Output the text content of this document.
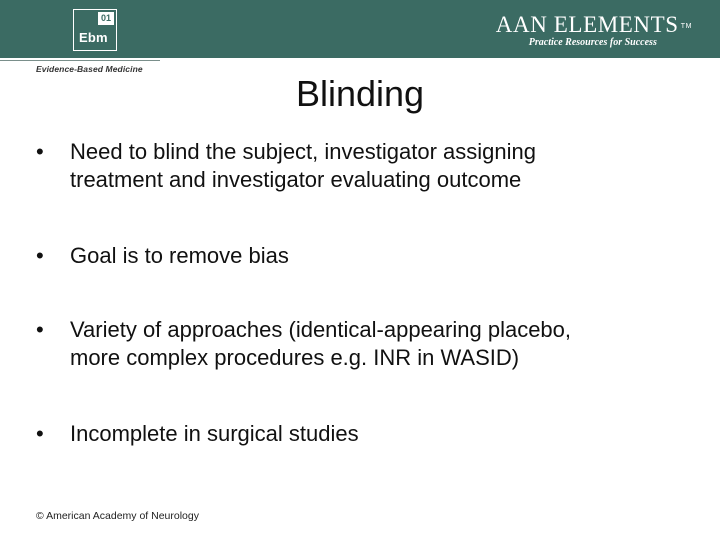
01
Ebm
Evidence-Based Medicine
AAN ELEMENTS ™
Practice Resources for Success
Blinding
•	Need to blind the subject, investigator assigning
treatment and investigator evaluating outcome
•	Goal is to remove bias
•	Variety of approaches (identical-appearing placebo,
more complex procedures e.g. INR in WASID)
•	Incomplete in surgical studies
© American Academy of Neurology
